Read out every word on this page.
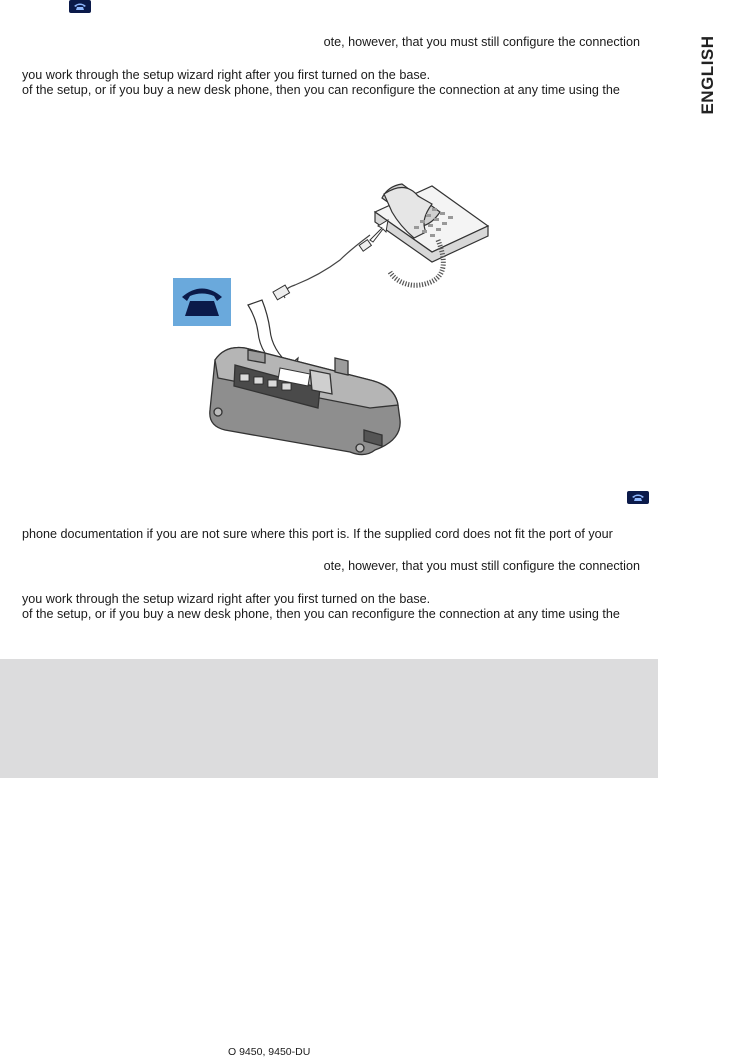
ENGLISH
ote, however, that you must still configure the connection
you work through the setup wizard right after you first turned on the base.
of the setup, or if you buy a new desk phone, then you can reconfigure the connection at any time using the
phone documentation if you are not sure where this port is. If the supplied cord does not fit the port of your
ote, however, that you must still configure the connection
you work through the setup wizard right after you first turned on the base.
of the setup, or if you buy a new desk phone, then you can reconfigure the connection at any time using the
O 9450, 9450-DU
